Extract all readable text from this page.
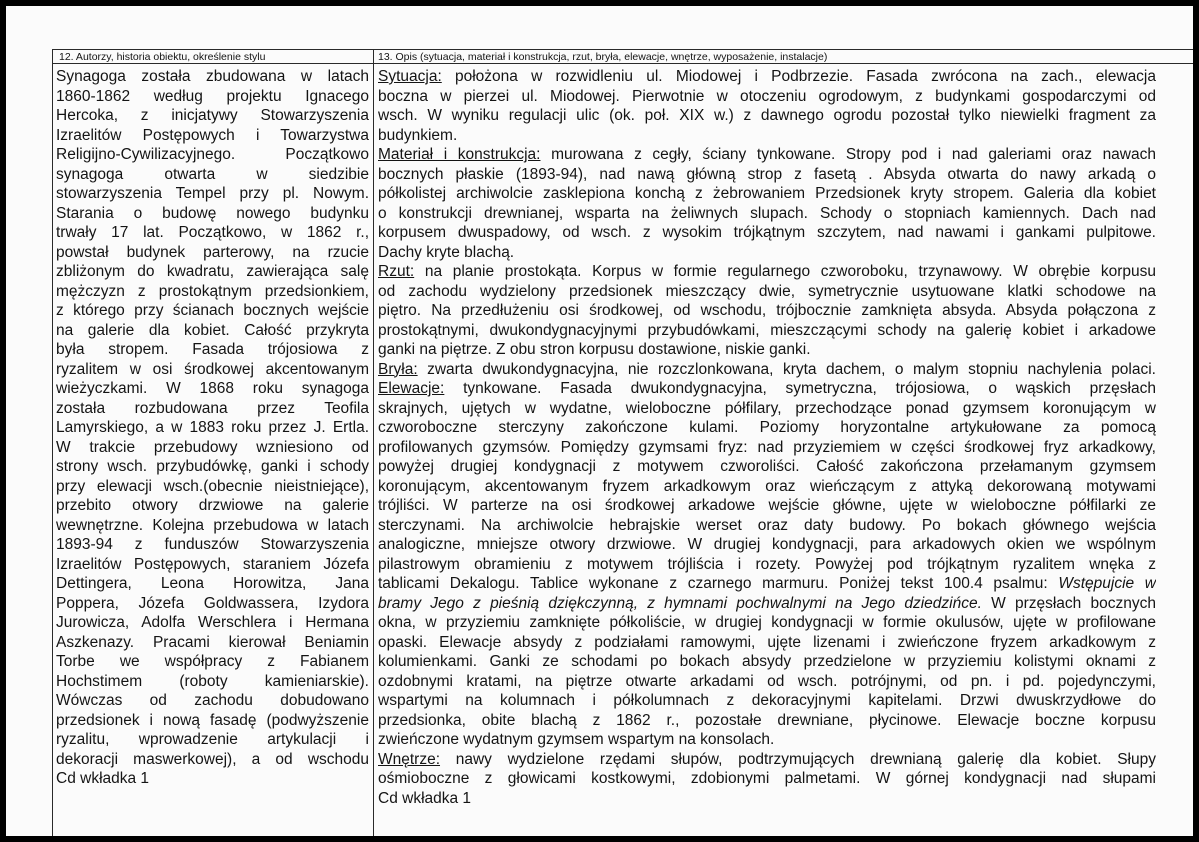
12. Autorzy, historia obiektu, określenie stylu	13. Opis (sytuacja, materiał i konstrukcja, rzut, bryła, elewacje, wnętrze, wyposażenie, instalacje)
Synagoga została zbudowana w latach
1860-1862 według projektu Ignacego
Hercoka, z inicjatywy Stowarzyszenia
Izraelitów Postępowych i Towarzystwa
Religijno-Cywilizacyjnego. Początkowo
synagoga otwarta w siedzibie
stowarzyszenia Tempel przy pl. Nowym.
Starania o budowę nowego budynku
trwały 17 lat. Początkowo, w 1862 r.,
powstał budynek parterowy, na rzucie
zbliżonym do kwadratu, zawierająca salę
mężczyzn z prostokątnym przedsionkiem,
z którego przy ścianach bocznych wejście
na galerie dla kobiet. Całość przykryta
była stropem. Fasada trójosiowa z
ryzalitem w osi środkowej akcentowanym
wieżyczkami. W 1868 roku synagoga
została rozbudowana przez Teofila
Lamyrskiego, a w 1883 roku przez J. Ertla.
W trakcie przebudowy wzniesiono od
strony wsch. przybudówkę, ganki i schody
przy elewacji wsch.(obecnie nieistniejące),
przebito otwory drzwiowe na galerie
wewnętrzne. Kolejna przebudowa w latach
1893-94 z funduszów Stowarzyszenia
Izraelitów Postępowych, staraniem Józefa
Dettingera, Leona Horowitza, Jana
Poppera, Józefa Goldwassera, Izydora
Jurowicza, Adolfa Werschlera i Hermana
Aszkenazy. Pracami kierował Beniamin
Torbe we współpracy z Fabianem
Hochstimem (roboty kamieniarskie).
Wówczas od zachodu dobudowano
przedsionek i nową fasadę (podwyższenie
ryzalitu, wprowadzenie artykulacji i
dekoracji maswerkowej), a od wschodu
Cd wkładka 1
Sytuacja: położona w rozwidleniu ul. Miodowej i Podbrzezie. Fasada zwrócona na zach., elewacja
boczna w pierzei ul. Miodowej. Pierwotnie w otoczeniu ogrodowym, z budynkami gospodarczymi od
wsch. W wyniku regulacji ulic (ok. poł. XIX w.) z dawnego ogrodu pozostał tylko niewielki fragment za
budynkiem.
Materiał i konstrukcja: murowana z cegły, ściany tynkowane. Stropy pod i nad galeriami oraz nawach
bocznych płaskie (1893-94), nad nawą główną strop z fasetą . Absyda otwarta do nawy arkadą o
półkolistej archiwolcie zasklepiona konchą z żebrowaniem Przedsionek kryty stropem. Galeria dla kobiet
o konstrukcji drewnianej, wsparta na żeliwnych slupach. Schody o stopniach kamiennych. Dach nad
korpusem dwuspadowy, od wsch. z wysokim trójkątnym szczytem, nad nawami i gankami pulpitowe.
Dachy kryte blachą.
Rzut: na planie prostokąta. Korpus w formie regularnego czworoboku, trzynawowy. W obrębie korpusu
od zachodu wydzielony przedsionek mieszczący dwie, symetrycznie usytuowane klatki schodowe na
piętro. Na przedłużeniu osi środkowej, od wschodu, trójbocznie zamknięta absyda. Absyda połączona z
prostokątnymi, dwukondygnacyjnymi przybudówkami, mieszczącymi schody na galerię kobiet i arkadowe
ganki na piętrze. Z obu stron korpusu dostawione, niskie ganki.
Bryła: zwarta dwukondygnacyjna, nie rozczlonkowana, kryta dachem, o malym stopniu nachylenia polaci.
Elewacje: tynkowane. Fasada dwukondygnacyjna, symetryczna, trójosiowa, o wąskich przęsłach
skrajnych, ujętych w wydatne, wieloboczne półfilary, przechodzące ponad gzymsem koronującym w
czworoboczne sterczyny zakończone kulami. Poziomy horyzontalne artykułowane za pomocą
profilowanych gzymsów. Pomiędzy gzymsami fryz: nad przyziemiem w części środkowej fryz arkadkowy,
powyżej drugiej kondygnacji z motywem czworoliści. Całość zakończona przełamanym gzymsem
koronującym, akcentowanym fryzem arkadkowym oraz wieńczącym z attyką dekorowaną motywami
trójliści. W parterze na osi środkowej arkadowe wejście główne, ujęte w wieloboczne półfilarki ze
sterczynami. Na archiwolcie hebrajskie werset oraz daty budowy. Po bokach głównego wejścia
analogiczne, mniejsze otwory drzwiowe. W drugiej kondygnacji, para arkadowych okien we wspólnym
pilastrowym obramieniu z motywem trójliścia i rozety. Powyżej pod trójkątnym ryzalitem wnęka z
tablicami Dekalogu. Tablice wykonane z czarnego marmuru. Poniżej tekst 100.4 psalmu: Wstępujcie w
bramy Jego z pieśnią dziękczynną, z hymnami pochwalnymi na Jego dziedzińce. W przęsłach bocznych
okna, w przyziemiu zamknięte półkoliście, w drugiej kondygnacji w formie okulusów, ujęte w profilowane
opaski. Elewacje absydy z podziałami ramowymi, ujęte lizenami i zwieńczone fryzem arkadkowym z
kolumienkami. Ganki ze schodami po bokach absydy przedzielone w przyziemiu kolistymi oknami z
ozdobnymi kratami, na piętrze otwarte arkadami od wsch. potrójnymi, od pn. i pd. pojedynczymi,
wspartymi na kolumnach i półkolumnach z dekoracyjnymi kapitelami. Drzwi dwuskrzydłowe do
przedsionka, obite blachą z 1862 r., pozostałe drewniane, płycinowe. Elewacje boczne korpusu
zwieńczone wydatnym gzymsem wspartym na konsolach.
Wnętrze: nawy wydzielone rzędami słupów, podtrzymujących drewnianą galerię dla kobiet. Słupy
ośmioboczne z głowicami kostkowymi, zdobionymi palmetami. W górnej kondygnacji nad słupami
Cd wkładka 1
